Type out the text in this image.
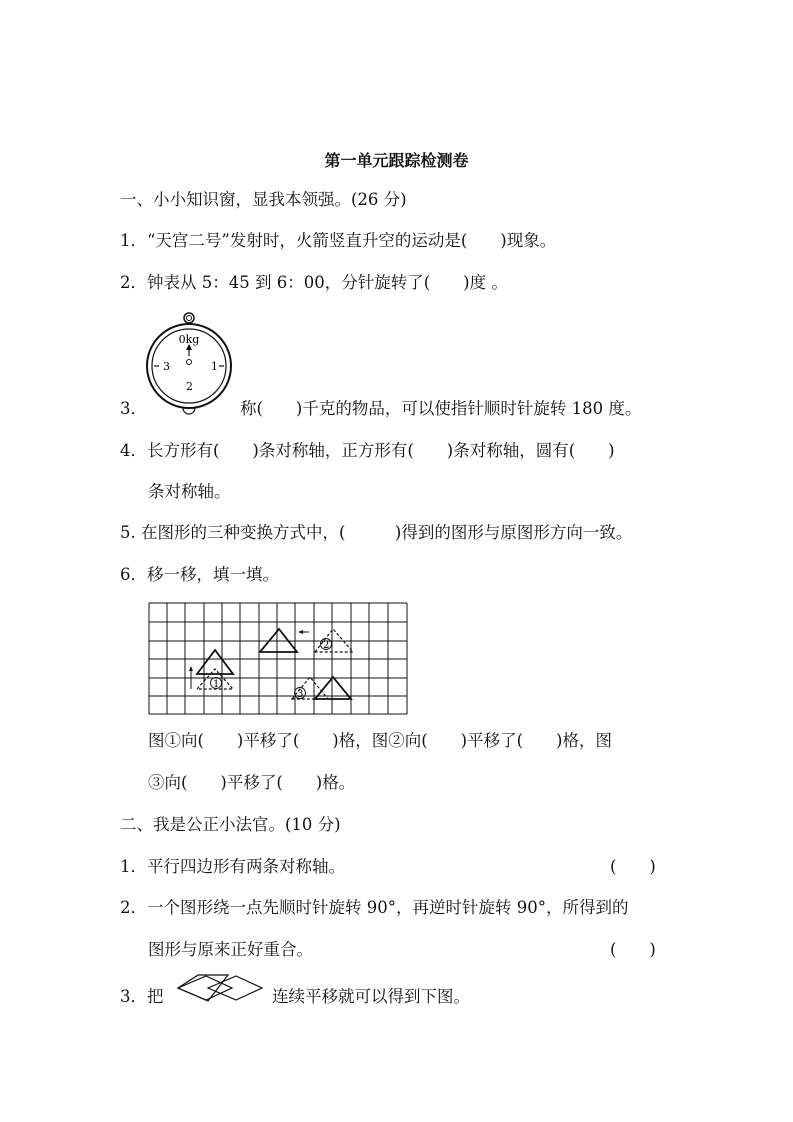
第一单元跟踪检测卷
一、小小知识窗，显我本领强。(26 分)
1．“天宫二号”发射时，火箭竖直升空的运动是(　　)现象。
2．钟表从 5：45 到 6：00，分针旋转了(　　)度 。
0kg
3	1
2
3．	称(　　)千克的物品，可以使指针顺时针旋转 180 度。
4．长方形有(　　)条对称轴，正方形有(　　)条对称轴，圆有(　　)
条对称轴。
5. 在图形的三种变换方式中，(　　　)得到的图形与原图形方向一致。
6．移一移，填一填。
1
2
3
图①向(　　)平移了(　　)格，图②向(　　)平移了(　　)格，图
③向(　　)平移了(　　)格。
二、我是公正小法官。(10 分)
1．平行四边形有两条对称轴。	(　　)
2．一个图形绕一点先顺时针旋转 90°，再逆时针旋转 90°，所得到的
图形与原来正好重合。	(　　)
3．把	连续平移就可以得到下图。
